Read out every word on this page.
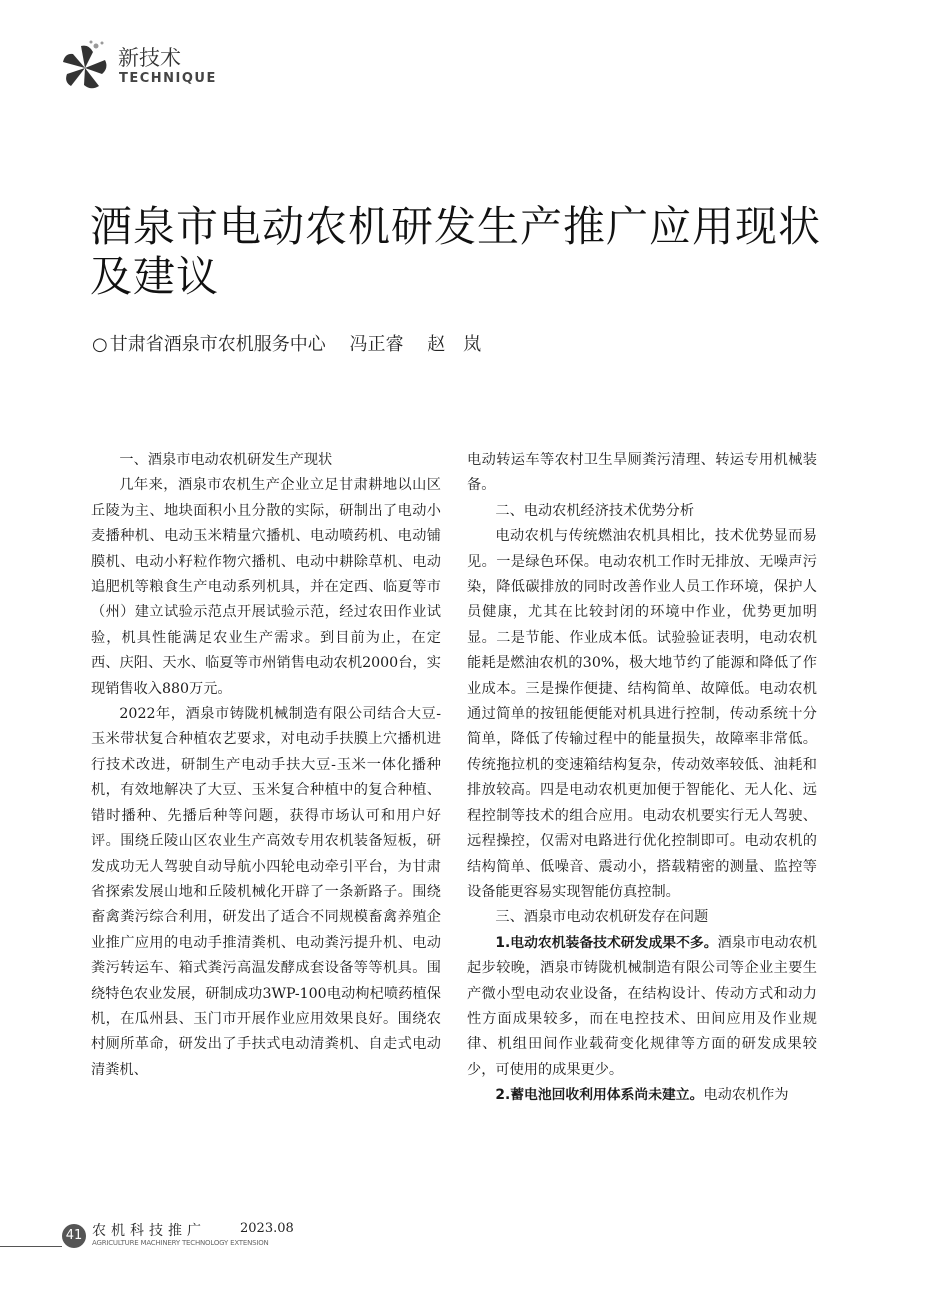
新技术
TECHNIQUE
酒泉市电动农机研发生产推广应用现状及建议
○ 甘肃省酒泉市农机服务中心 冯正睿 赵　岚

一、酒泉市电动农机研发生产现状

几年来，酒泉市农机生产企业立足甘肃耕地以山区丘陵为主、地块面积小且分散的实际，研制出了电动小麦播种机、电动玉米精量穴播机、电动喷药机、电动铺膜机、电动小籽粒作物穴播机、电动中耕除草机、电动追肥机等粮食生产电动系列机具，并在定西、临夏等市（州）建立试验示范点开展试验示范，经过农田作业试验，机具性能满足农业生产需求。到目前为止，在定西、庆阳、天水、临夏等市州销售电动农机2000台，实现销售收入880万元。

2022年，酒泉市铸陇机械制造有限公司结合大豆-玉米带状复合种植农艺要求，对电动手扶膜上穴播机进行技术改进，研制生产电动手扶大豆-玉米一体化播种机，有效地解决了大豆、玉米复合种植中的复合种植、错时播种、先播后种等问题，获得市场认可和用户好评。围绕丘陵山区农业生产高效专用农机装备短板，研发成功无人驾驶自动导航小四轮电动牵引平台，为甘肃省探索发展山地和丘陵机械化开辟了一条新路子。围绕畜禽粪污综合利用，研发出了适合不同规模畜禽养殖企业推广应用的电动手推清粪机、电动粪污提升机、电动粪污转运车、箱式粪污高温发酵成套设备等等机具。围绕特色农业发展，研制成功3WP-100电动枸杞喷药植保机，在瓜州县、玉门市开展作业应用效果良好。围绕农村厕所革命，研发出了手扶式电动清粪机、自走式电动清粪机、

电动转运车等农村卫生旱厕粪污清理、转运专用机械装备。

二、电动农机经济技术优势分析

电动农机与传统燃油农机具相比，技术优势显而易见。一是绿色环保。电动农机工作时无排放、无噪声污染，降低碳排放的同时改善作业人员工作环境，保护人员健康，尤其在比较封闭的环境中作业，优势更加明显。二是节能、作业成本低。试验验证表明，电动农机能耗是燃油农机的30%，极大地节约了能源和降低了作业成本。三是操作便捷、结构简单、故障低。电动农机通过简单的按钮能便能对机具进行控制，传动系统十分简单，降低了传输过程中的能量损失，故障率非常低。传统拖拉机的变速箱结构复杂，传动效率较低、油耗和排放较高。四是电动农机更加便于智能化、无人化、远程控制等技术的组合应用。电动农机要实行无人驾驶、远程操控，仅需对电路进行优化控制即可。电动农机的结构简单、低噪音、震动小，搭载精密的测量、监控等设备能更容易实现智能仿真控制。

三、酒泉市电动农机研发存在问题

1.电动农机装备技术研发成果不多。酒泉市电动农机起步较晚，酒泉市铸陇机械制造有限公司等企业主要生产微小型电动农业设备，在结构设计、传动方式和动力性方面成果较多，而在电控技术、田间应用及作业规律、机组田间作业载荷变化规律等方面的研发成果较少，可使用的成果更少。

2.蓄电池回收利用体系尚未建立。电动农机作为

41 农机科技推广	2023.08
AGRICULTURE MACHINERY TECHNOLOGY EXTENSION
